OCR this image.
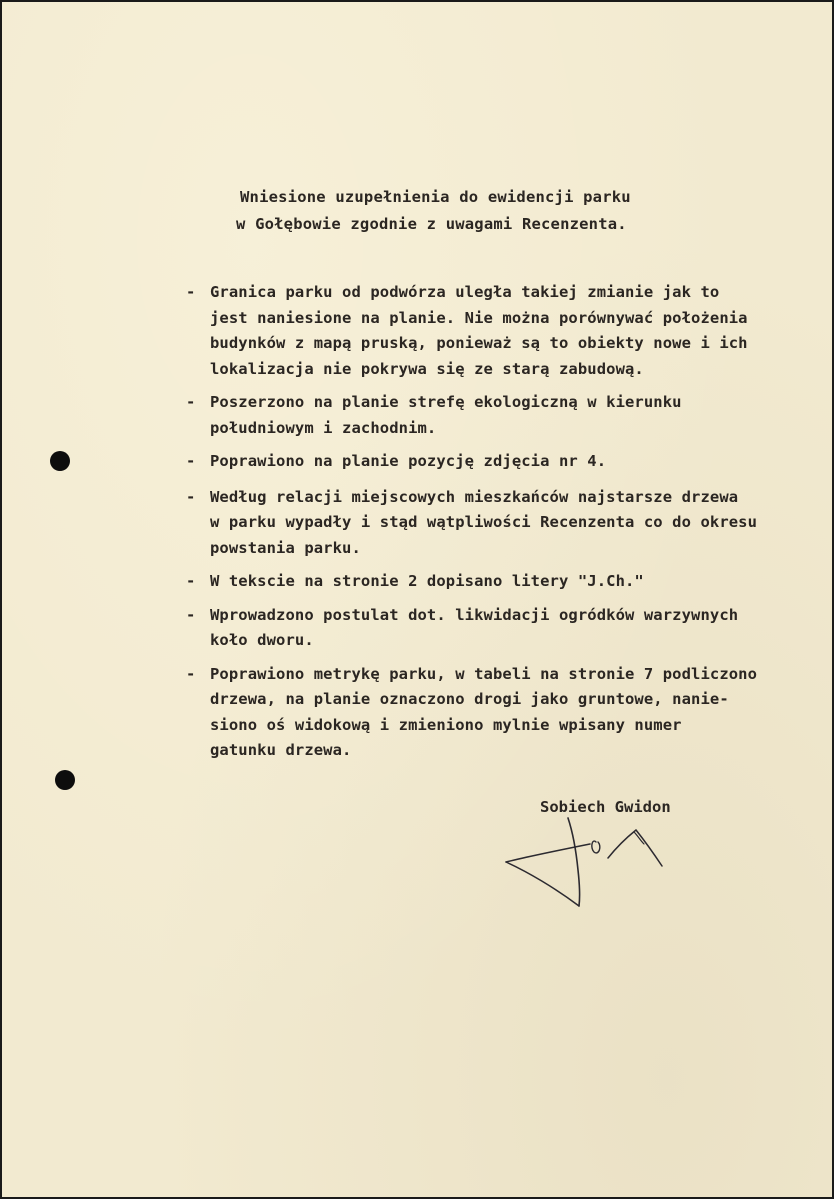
Wniesione uzupełnienia do ewidencji parku
w Gołębowie zgodnie z uwagami Recenzenta.
- Granica parku od podwórza uległa takiej zmianie jak to
jest naniesione na planie. Nie można porównywać położenia
budynków z mapą pruską, ponieważ są to obiekty nowe i ich
lokalizacja nie pokrywa się ze starą zabudową.
- Poszerzono na planie strefę ekologiczną w kierunku
południowym i zachodnim.
- Poprawiono na planie pozycję zdjęcia nr 4.
- Według relacji miejscowych mieszkańców najstarsze drzewa
w parku wypadły i stąd wątpliwości Recenzenta co do okresu
powstania parku.
- W tekscie na stronie 2 dopisano litery "J.Ch."
- Wprowadzono postulat dot. likwidacji ogródków warzywnych
koło dworu.
- Poprawiono metrykę parku, w tabeli na stronie 7 podliczono
drzewa, na planie oznaczono drogi jako gruntowe, nanie-
siono oś widokową i zmieniono mylnie wpisany numer
gatunku drzewa.
Sobiech Gwidon
